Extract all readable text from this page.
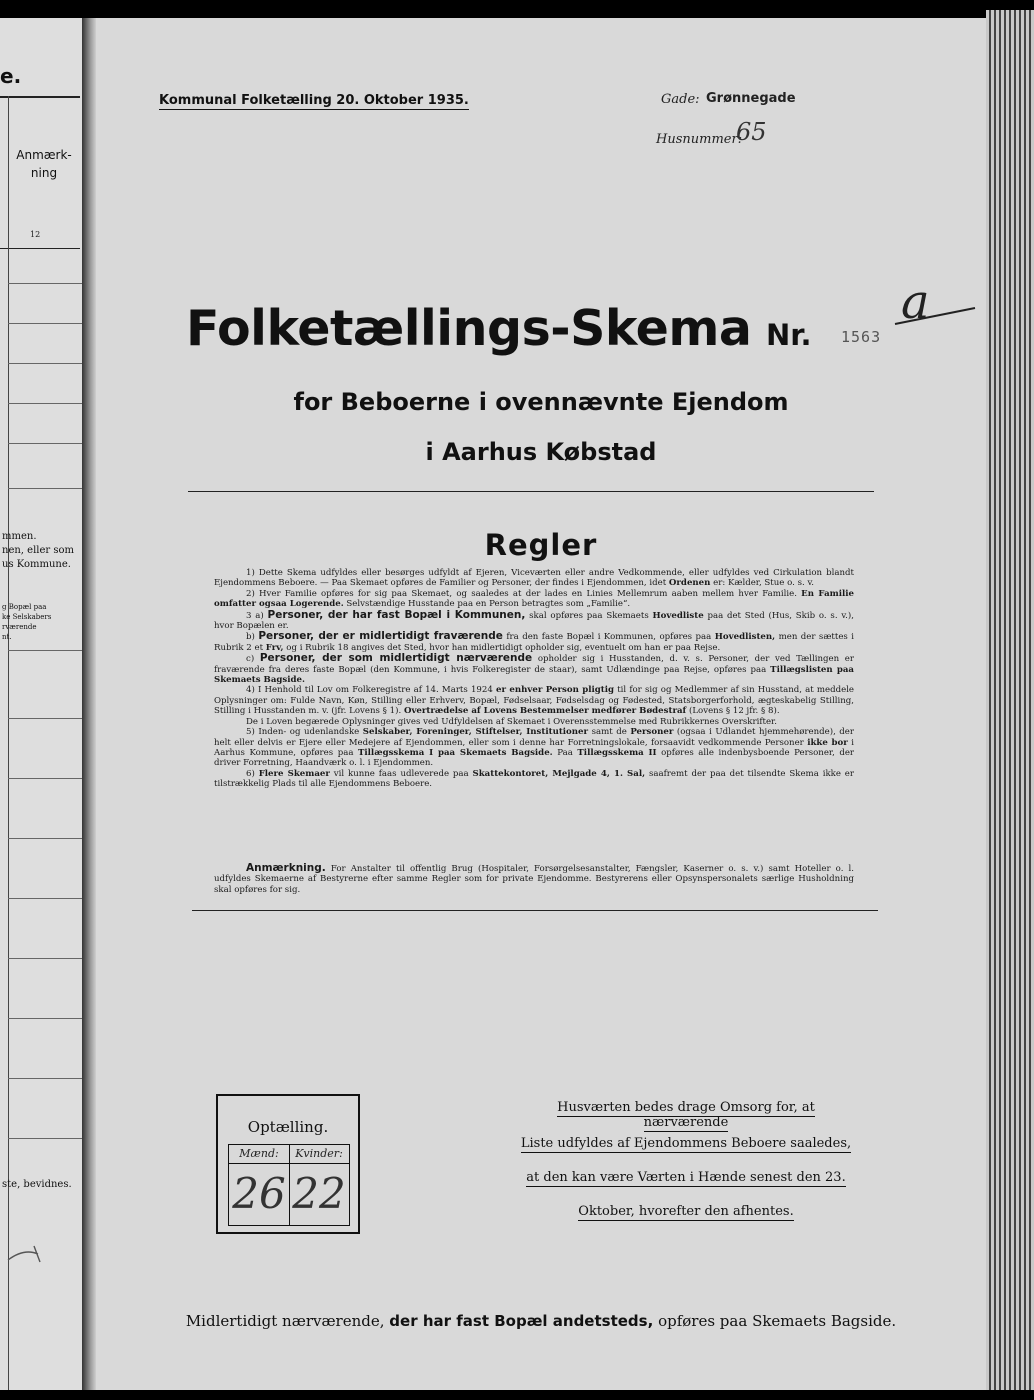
e.
Anmærk-ning
12
mmen.
nen, eller som
us Kommune.
g Bopæl paa
ke Selskabers
rværende
nt.
ste, bevidnes.
Kommunal Folketælling 20. Oktober 1935.	Gade: Grønnegade
Husnummer:
65
Folketællings-Skema Nr. 1563
a
for Beboerne i ovennævnte Ejendom
i Aarhus Købstad
Regler

1) Dette Skema udfyldes eller besørges udfyldt af Ejeren, Viceværten eller andre Vedkommende, eller udfyldes ved Cirkulation blandt Ejendommens Beboere. — Paa Skemaet opføres de Familier og Personer, der findes i Ejendommen, idet Ordenen er: Kælder, Stue o. s. v.

2) Hver Familie opføres for sig paa Skemaet, og saaledes at der lades en Linies Mellemrum aaben mellem hver Familie. En Familie omfatter ogsaa Logerende. Selvstændige Husstande paa en Person betragtes som „Familie“.

3 a) Personer, der har fast Bopæl i Kommunen, skal opføres paa Skemaets Hovedliste paa det Sted (Hus, Skib o. s. v.), hvor Bopælen er.

b) Personer, der er midlertidigt fraværende fra den faste Bopæl i Kommunen, opføres paa Hovedlisten, men der sættes i Rubrik 2 et Frv, og i Rubrik 18 angives det Sted, hvor han midlertidigt opholder sig, eventuelt om han er paa Rejse.

c) Personer, der som midlertidigt nærværende opholder sig i Husstanden, d. v. s. Personer, der ved Tællingen er fraværende fra deres faste Bopæl (den Kommune, i hvis Folkeregister de staar), samt Udlændinge paa Rejse, opføres paa Tillægslisten paa Skemaets Bagside.

4) I Henhold til Lov om Folkeregistre af 14. Marts 1924 er enhver Person pligtig til for sig og Medlemmer af sin Husstand, at meddele Oplysninger om: Fulde Navn, Køn, Stilling eller Erhverv, Bopæl, Fødselsaar, Fødselsdag og Fødested, Statsborgerforhold, ægteskabelig Stilling, Stilling i Husstanden m. v. (jfr. Lovens § 1). Overtrædelse af Lovens Bestemmelser medfører Bødestraf (Lovens § 12 jfr. § 8).

De i Loven begærede Oplysninger gives ved Udfyldelsen af Skemaet i Overensstemmelse med Rubrikkernes Overskrifter.

5) Inden- og udenlandske Selskaber, Foreninger, Stiftelser, Institutioner samt de Personer (ogsaa i Udlandet hjemmehørende), der helt eller delvis er Ejere eller Medejere af Ejendommen, eller som i denne har Forretningslokale, forsaavidt vedkommende Personer ikke bor i Aarhus Kommune, opføres paa Tillægsskema I paa Skemaets Bagside. Paa Tillægsskema II opføres alle indenbysboende Personer, der driver Forretning, Haandværk o. l. i Ejendommen.

6) Flere Skemaer vil kunne faas udleverede paa Skattekontoret, Mejlgade 4, 1. Sal, saafremt der paa det tilsendte Skema ikke er tilstrækkelig Plads til alle Ejendommens Beboere.

Anmærkning. For Anstalter til offentlig Brug (Hospitaler, Forsørgelsesanstalter, Fængsler, Kaserner o. s. v.) samt Hoteller o. l. udfyldes Skemaerne af Bestyrerne efter samme Regler som for private Ejendomme. Bestyrerens eller Opsynspersonalets særlige Husholdning skal opføres for sig.

Optælling.
Mænd:	Kvinder:
26 22
Husværten bedes drage Omsorg for, at nærværende
Liste udfyldes af Ejendommens Beboere saaledes,
at den kan være Værten i Hænde senest den 23.
Oktober, hvorefter den afhentes.
Midlertidigt nærværende, der har fast Bopæl andetsteds, opføres paa Skemaets Bagside.
